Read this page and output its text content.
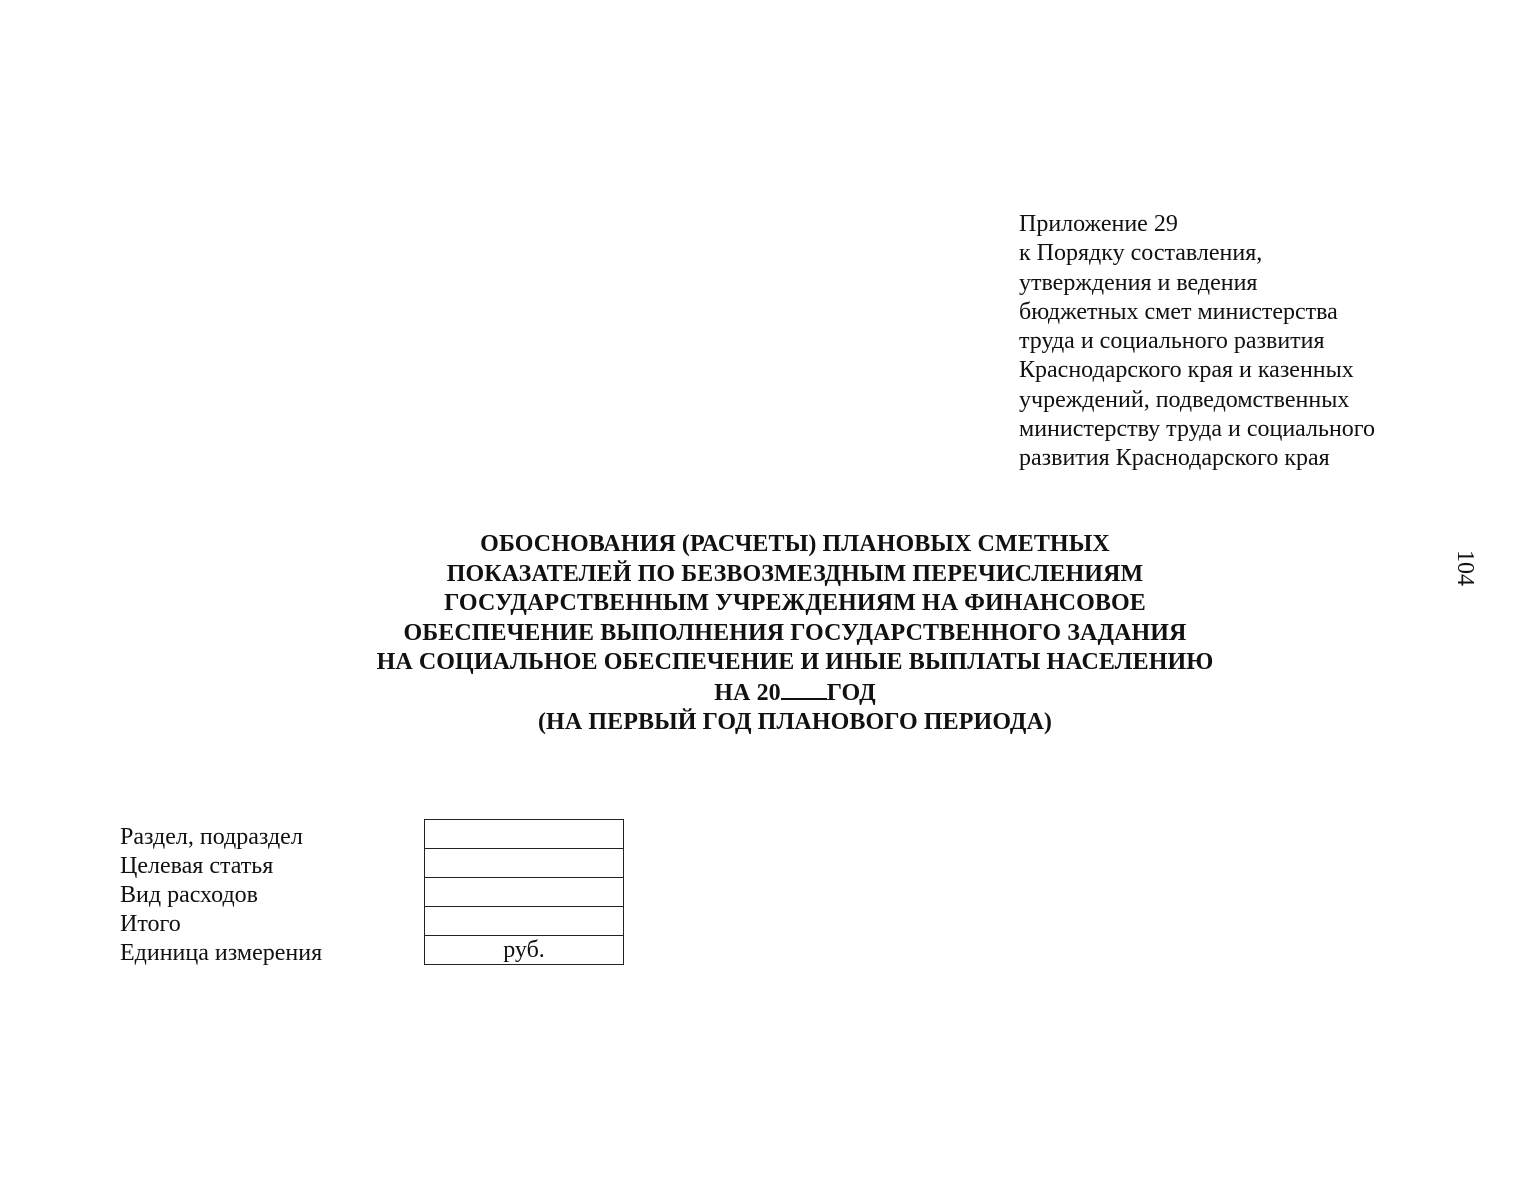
Приложение 29
к Порядку составления,
утверждения и ведения
бюджетных смет министерства
труда и социального развития
Краснодарского края и казенных
учреждений, подведомственных
министерству труда и социального
развития Краснодарского края
ОБОСНОВАНИЯ (РАСЧЕТЫ) ПЛАНОВЫХ СМЕТНЫХ
ПОКАЗАТЕЛЕЙ ПО БЕЗВОЗМЕЗДНЫМ ПЕРЕЧИСЛЕНИЯМ
ГОСУДАРСТВЕННЫМ УЧРЕЖДЕНИЯМ НА ФИНАНСОВОЕ
ОБЕСПЕЧЕНИЕ ВЫПОЛНЕНИЯ ГОСУДАРСТВЕННОГО ЗАДАНИЯ
НА СОЦИАЛЬНОЕ ОБЕСПЕЧЕНИЕ И ИНЫЕ ВЫПЛАТЫ НАСЕЛЕНИЮ
НА 20 ГОД
(НА ПЕРВЫЙ ГОД ПЛАНОВОГО ПЕРИОДА)
104
Раздел, подраздел
Целевая статья
Вид расходов
Итого
Единица измерения	руб.
